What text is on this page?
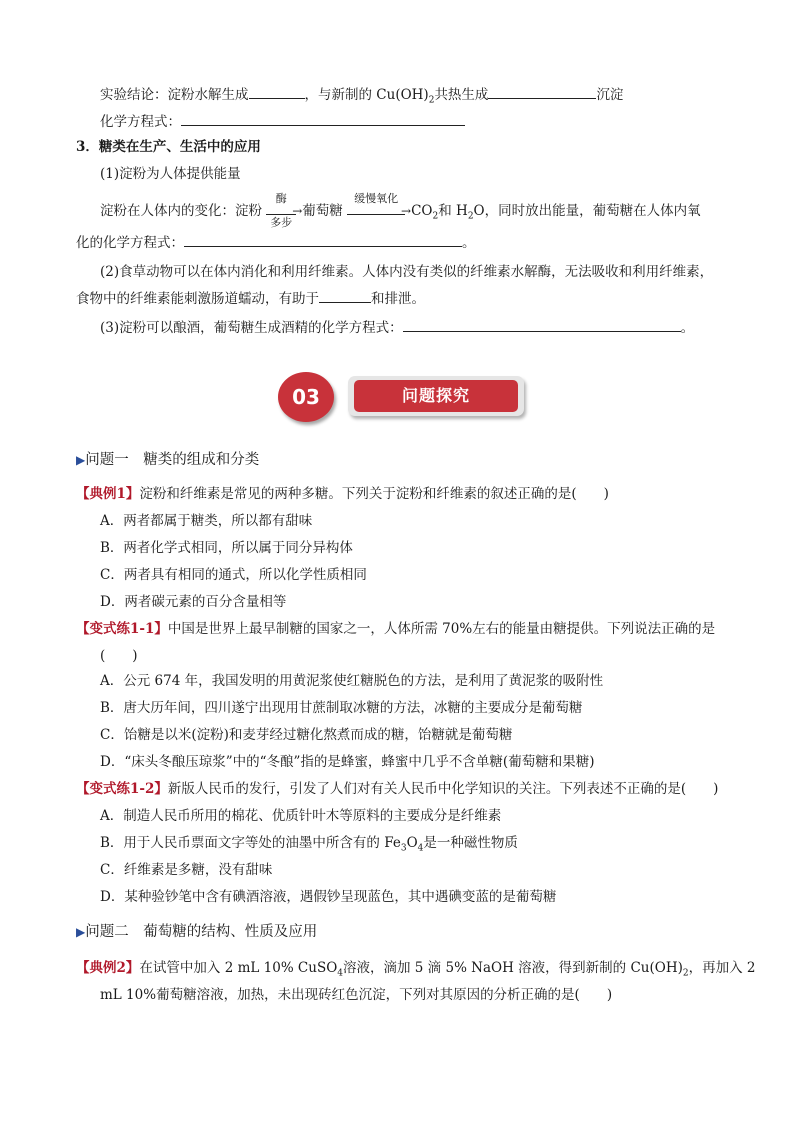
实验结论：淀粉水解生成	，与新制的 $Cu(OH)_2$共热生成	沉淀
化学方程式：
3．糖类在生产、生活中的应用
(1)淀粉为人体提供能量
淀粉在人体内的变化：淀粉
酶
→
多步
葡萄糖
缓慢氧化
$\to CO_2$和 $H_2O$，同时放出能量，葡萄糖在人体内氧
化的化学方程式：	。
(2)食草动物可以在体内消化和利用纤维素。人体内没有类似的纤维素水解酶，无法吸收和利用纤维素，
食物中的纤维素能刺激肠道蠕动，有助于	和排泄。
(3)淀粉可以酿酒，葡萄糖生成酒精的化学方程式：	。
03	问题探究
▶问题一　糖类的组成和分类
【典例1】淀粉和纤维素是常见的两种多糖。下列关于淀粉和纤维素的叙述正确的是(　　)
A．两者都属于糖类，所以都有甜味
B．两者化学式相同，所以属于同分异构体
C．两者具有相同的通式，所以化学性质相同
D．两者碳元素的百分含量相等
【变式练1-1】中国是世界上最早制糖的国家之一，人体所需 70%左右的能量由糖提供。下列说法正确的是
(　　)
A．公元 674 年，我国发明的用黄泥浆使红糖脱色的方法，是利用了黄泥浆的吸附性
B．唐大历年间，四川遂宁出现用甘蔗制取冰糖的方法，冰糖的主要成分是葡萄糖
C．饴糖是以米(淀粉)和麦芽经过糖化熬煮而成的糖，饴糖就是葡萄糖
D．“床头冬酿压琼浆”中的“冬酿”指的是蜂蜜，蜂蜜中几乎不含单糖(葡萄糖和果糖)
【变式练1-2】新版人民币的发行，引发了人们对有关人民币中化学知识的关注。下列表述不正确的是(　　)
A．制造人民币所用的棉花、优质针叶木等原料的主要成分是纤维素
B．用于人民币票面文字等处的油墨中所含有的 $Fe_3O_4$是一种磁性物质
C．纤维素是多糖，没有甜味
D．某种验钞笔中含有碘酒溶液，遇假钞呈现蓝色，其中遇碘变蓝的是葡萄糖
▶问题二　葡萄糖的结构、性质及应用
【典例2】在试管中加入 2 mL 10% CuSO$_4$溶液，滴加 5 滴 5% NaOH 溶液，得到新制的 $Cu(OH)_2$，再加入 2
mL 10%葡萄糖溶液，加热，未出现砖红色沉淀，下列对其原因的分析正确的是(　　)
